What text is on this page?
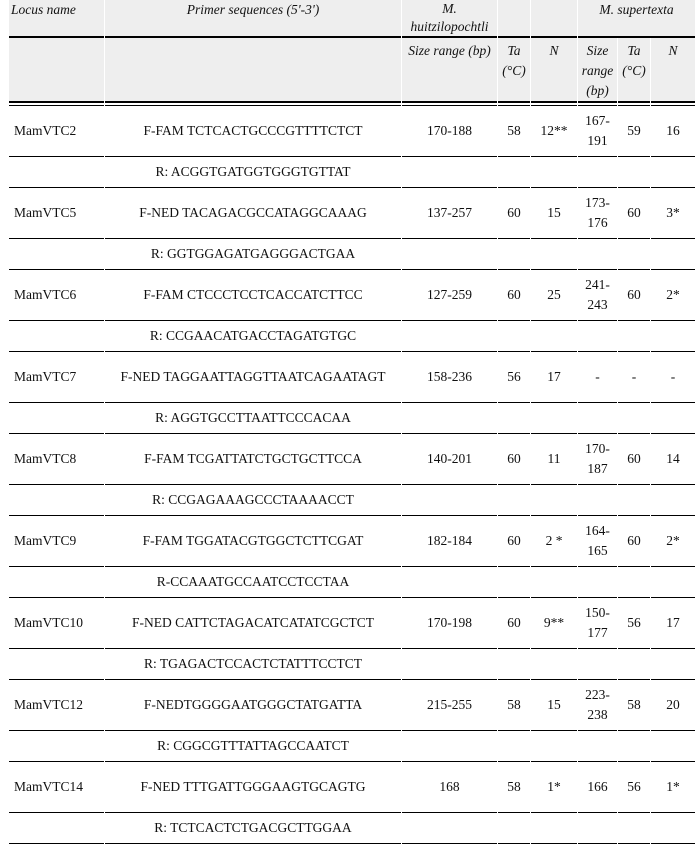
Locus name	Primer sequences (5'-3')	M. huitzilopochtli			M. supertexta		
		Size range (bp)	Ta (°C)	N	Size range (bp)	Ta (°C)	N

MamVTC2	F-FAM TCTCACTGCCCGTTTTCTCT	170-188	58	12**	167-191	59	16
	R: ACGGTGATGGTGGGTGTTAT						
MamVTC5	F-NED TACAGACGCCATAGGCAAAG	137-257	60	15	173-176	60	3*
	R: GGTGGAGATGAGGGACTGAA						
MamVTC6	F-FAM CTCCCTCCTCACCATCTTCC	127-259	60	25	241-243	60	2*
	R: CCGAACATGACCTAGATGTGC						
MamVTC7	F-NED TAGGAATTAGGTTAATCAGAATAGT	158-236	56	17	-	-	-
	R: AGGTGCCTTAATTCCCACAA						
MamVTC8	F-FAM TCGATTATCTGCTGCTTCCA	140-201	60	11	170-187	60	14
	R: CCGAGAAAGCCCTAAAACCT						
MamVTC9	F-FAM TGGATACGTGGCTCTTCGAT	182-184	60	2 *	164-165	60	2*
	R-CCAAATGCCAATCCTCCTAA						
MamVTC10	F-NED CATTCTAGACATCATATCGCTCT	170-198	60	9**	150-177	56	17
	R: TGAGACTCCACTCTATTTCCTCT						
MamVTC12	F-NEDTGGGGAATGGGCTATGATTA	215-255	58	15	223-238	58	20
	R: CGGCGTTTATTAGCCAATCT						
MamVTC14	F-NED TTTGATTGGGAAGTGCAGTG	168	58	1*	166	56	1*
	R: TCTCACTCTGACGCTTGGAA						
